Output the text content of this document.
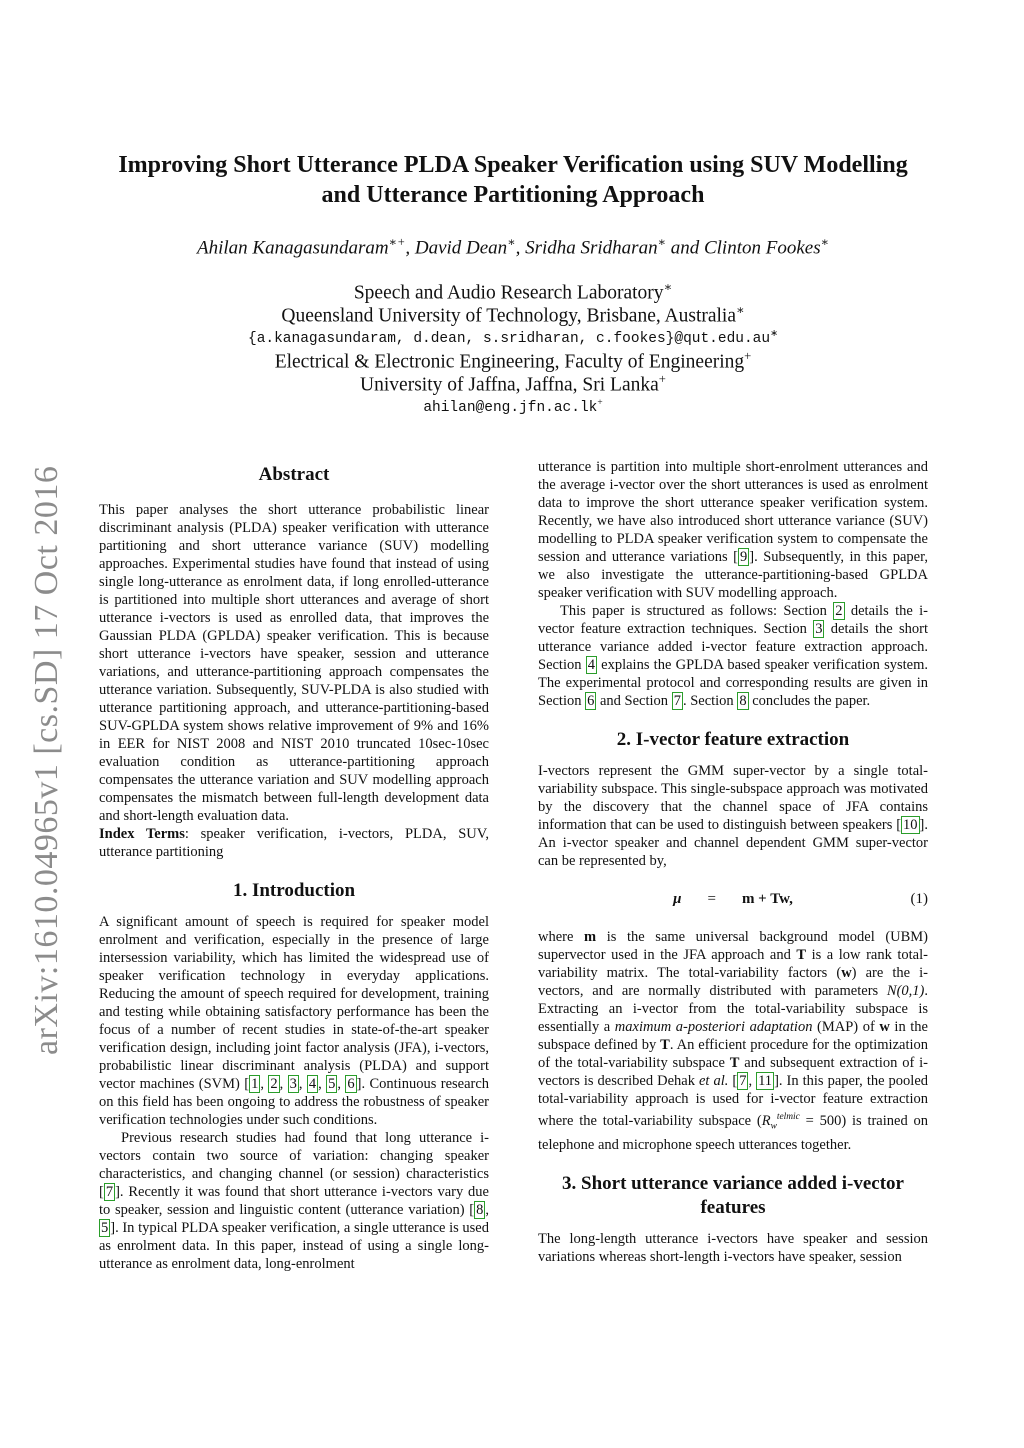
arXiv:1610.04965v1 [cs.SD] 17 Oct 2016
Improving Short Utterance PLDA Speaker Verification using SUV Modelling
and Utterance Partitioning Approach
Ahilan Kanagasundaram∗+, David Dean∗, Sridha Sridharan∗ and Clinton Fookes∗
Speech and Audio Research Laboratory∗
Queensland University of Technology, Brisbane, Australia∗
{a.kanagasundaram, d.dean, s.sridharan, c.fookes}@qut.edu.au∗
Electrical & Electronic Engineering, Faculty of Engineering+
University of Jaffna, Jaffna, Sri Lanka+
ahilan@eng.jfn.ac.lk+
Abstract

This paper analyses the short utterance probabilistic linear discriminant analysis (PLDA) speaker verification with utterance partitioning and short utterance variance (SUV) modelling approaches. Experimental studies have found that instead of using single long-utterance as enrolment data, if long enrolled-utterance is partitioned into multiple short utterances and average of short utterance i-vectors is used as enrolled data, that improves the Gaussian PLDA (GPLDA) speaker verification. This is because short utterance i-vectors have speaker, session and utterance variations, and utterance-partitioning approach compensates the utterance variation. Subsequently, SUV-PLDA is also studied with utterance partitioning approach, and utterance-partitioning-based SUV-GPLDA system shows relative improvement of 9% and 16% in EER for NIST 2008 and NIST 2010 truncated 10sec-10sec evaluation condition as utterance-partitioning approach compensates the utterance variation and SUV modelling approach compensates the mismatch between full-length development data and short-length evaluation data.

Index Terms: speaker verification, i-vectors, PLDA, SUV, utterance partitioning

1. Introduction

A significant amount of speech is required for speaker model enrolment and verification, especially in the presence of large intersession variability, which has limited the widespread use of speaker verification technology in everyday applications. Reducing the amount of speech required for development, training and testing while obtaining satisfactory performance has been the focus of a number of recent studies in state-of-the-art speaker verification design, including joint factor analysis (JFA), i-vectors, probabilistic linear discriminant analysis (PLDA) and support vector machines (SVM) [ 1 , 2 , 3 , 4 , 5 , 6 ]. Continuous research on this field has been ongoing to address the robustness of speaker verification technologies under such conditions.

Previous research studies had found that long utterance i-vectors contain two source of variation: changing speaker characteristics, and changing channel (or session) characteristics [ 7 ]. Recently it was found that short utterance i-vectors vary due to speaker, session and linguistic content (utterance variation) [ 8 , 5 ]. In typical PLDA speaker verification, a single utterance is used as enrolment data. In this paper, instead of using a single long-utterance as enrolment data, long-enrolment

utterance is partition into multiple short-enrolment utterances and the average i-vector over the short utterances is used as enrolment data to improve the short utterance speaker verification system. Recently, we have also introduced short utterance variance (SUV) modelling to PLDA speaker verification system to compensate the session and utterance variations [ 9 ]. Subsequently, in this paper, we also investigate the utterance-partitioning-based GPLDA speaker verification with SUV modelling approach.

This paper is structured as follows: Section 2 details the i-vector feature extraction techniques. Section 3 details the short utterance variance added i-vector feature extraction approach. Section 4 explains the GPLDA based speaker verification system. The experimental protocol and corresponding results are given in Section 6 and Section 7 . Section 8 concludes the paper.

2. I-vector feature extraction

I-vectors represent the GMM super-vector by a single total-variability subspace. This single-subspace approach was motivated by the discovery that the channel space of JFA contains information that can be used to distinguish between speakers [ 10 ]. An i-vector speaker and channel dependent GMM super-vector can be represented by,

μ = m + Tw,	(1)

where m is the same universal background model (UBM) supervector used in the JFA approach and T is a low rank total-variability matrix. The total-variability factors (w) are the i-vectors, and are normally distributed with parameters N(0,1). Extracting an i-vector from the total-variability subspace is essentially a maximum a-posteriori adaptation (MAP) of w in the subspace defined by T. An efficient procedure for the optimization of the total-variability subspace T and subsequent extraction of i-vectors is described Dehak et al. [ 7 , 11 ]. In this paper, the pooled total-variability approach is used for i-vector feature extraction where the total-variability subspace $(R_w^{telmic} = 500)$ is trained on telephone and microphone speech utterances together.

3. Short utterance variance added i-vector
features

The long-length utterance i-vectors have speaker and session variations whereas short-length i-vectors have speaker, session
